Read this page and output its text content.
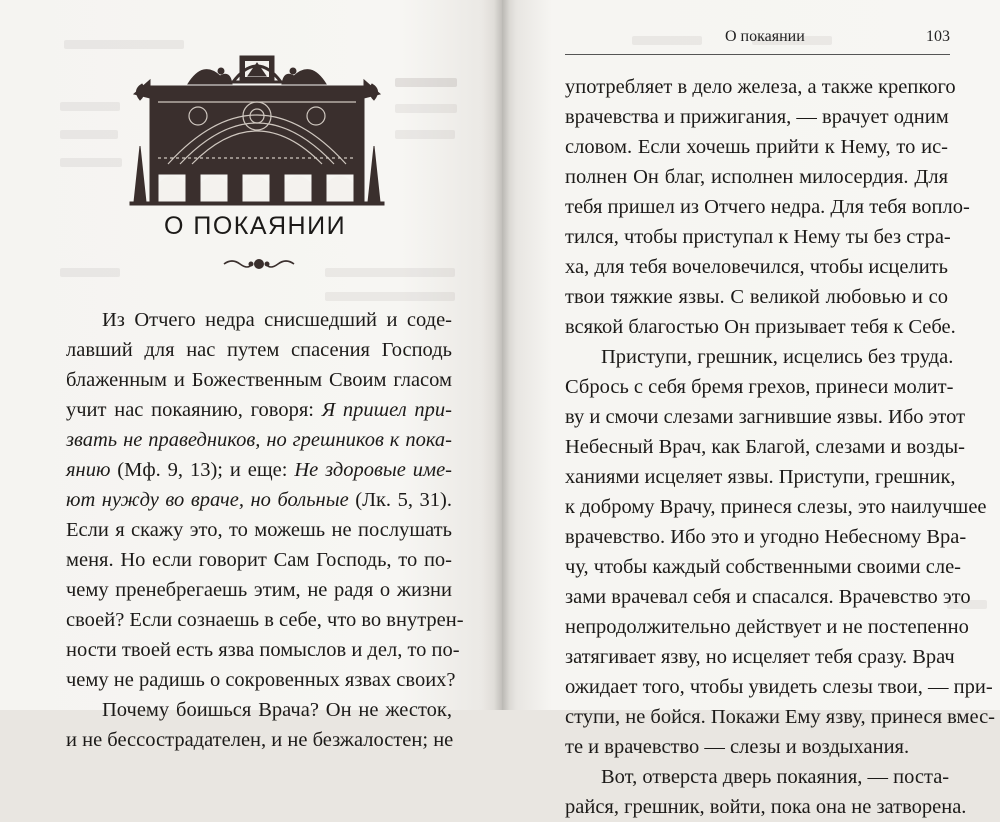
О ПОКАЯНИИ
О покаянии	103
Из Отчего недра снисшедший и соде-
лавший для нас путем спасения Господь
блаженным и Божественным Своим гласом
учит нас покаянию, говоря: Я пришел при-
звать не праведников, но грешников к пока-
янию (Мф. 9, 13); и еще: Не здоровые име-
ют нужду во враче, но больные (Лк. 5, 31).
Если я скажу это, то можешь не послушать
меня. Но если говорит Сам Господь, то по-
чему пренебрегаешь этим, не радя о жизни
своей? Если сознаешь в себе, что во внутрен-
ности твоей есть язва помыслов и дел, то по-
чему не радишь о сокровенных язвах своих?
Почему боишься Врача? Он не жесток,
и не бессострадателен, и не безжалостен; не
употребляет в дело железа, а также крепкого
врачевства и прижигания, — врачует одним
словом. Если хочешь прийти к Нему, то ис-
полнен Он благ, исполнен милосердия. Для
тебя пришел из Отчего недра. Для тебя вопло-
тился, чтобы приступал к Нему ты без стра-
ха, для тебя вочеловечился, чтобы исцелить
твои тяжкие язвы. С великой любовью и со
всякой благостью Он призывает тебя к Себе.
Приступи, грешник, исцелись без труда.
Сбрось с себя бремя грехов, принеси молит-
ву и смочи слезами загнившие язвы. Ибо этот
Небесный Врач, как Благой, слезами и возды-
ханиями исцеляет язвы. Приступи, грешник,
к доброму Врачу, принеся слезы, это наилучшее
врачевство. Ибо это и угодно Небесному Вра-
чу, чтобы каждый собственными своими сле-
зами врачевал себя и спасался. Врачевство это
непродолжительно действует и не постепенно
затягивает язву, но исцеляет тебя сразу. Врач
ожидает того, чтобы увидеть слезы твои, — при-
ступи, не бойся. Покажи Ему язву, принеся вмес-
те и врачевство — слезы и воздыхания.
Вот, отверста дверь покаяния, — поста-
райся, грешник, войти, пока она не затворена.
